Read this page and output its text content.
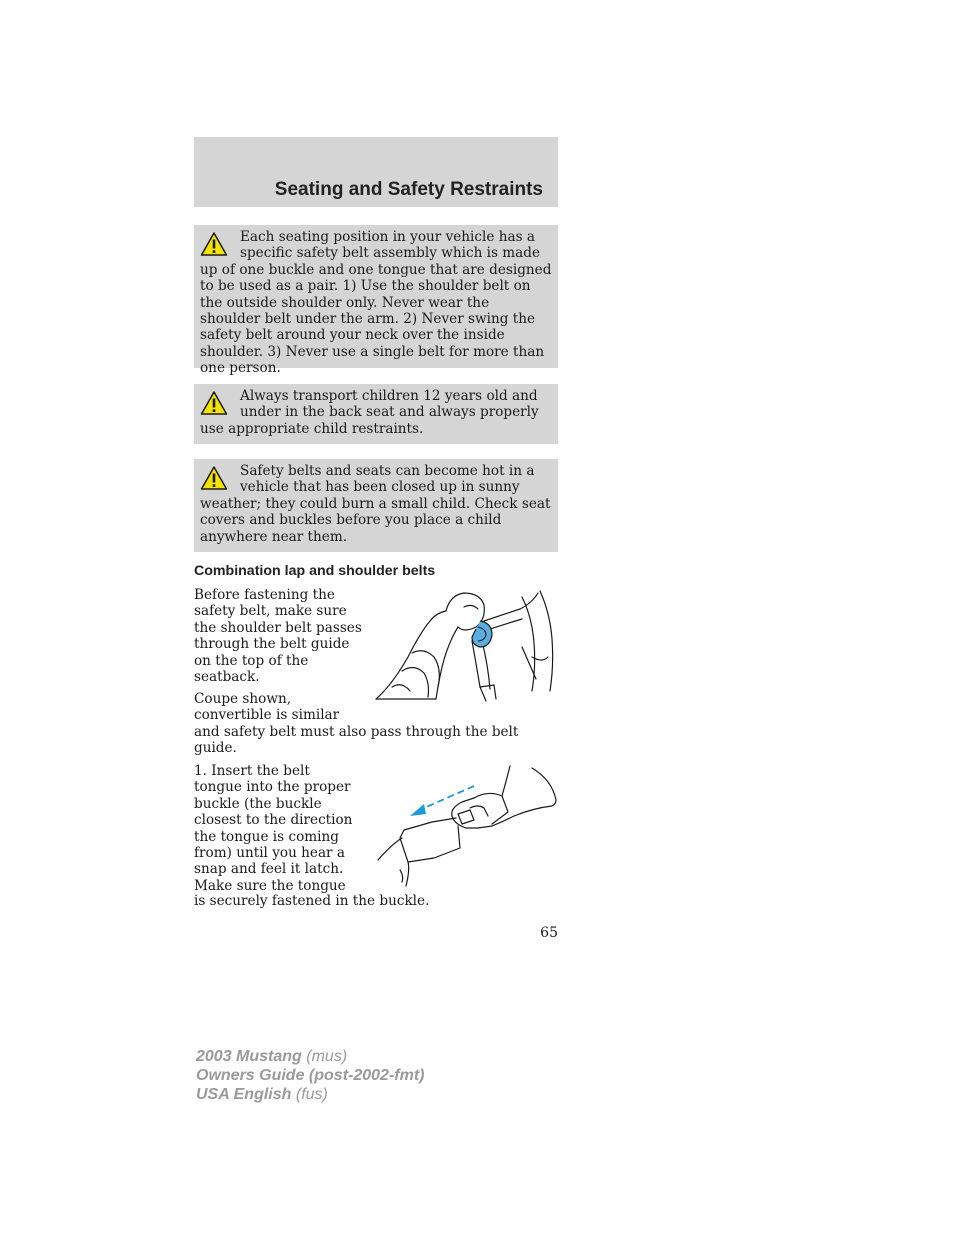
Seating and Safety Restraints
Each seating position in your vehicle has a specific safety belt assembly which is made up of one buckle and one tongue that are designed to be used as a pair. 1) Use the shoulder belt on the outside shoulder only. Never wear the shoulder belt under the arm. 2) Never swing the safety belt around your neck over the inside shoulder. 3) Never use a single belt for more than one person.
Always transport children 12 years old and under in the back seat and always properly use appropriate child restraints.
Safety belts and seats can become hot in a vehicle that has been closed up in sunny weather; they could burn a small child. Check seat covers and buckles before you place a child anywhere near them.
Combination lap and shoulder belts

Before fastening the safety belt, make sure the shoulder belt passes through the belt guide on the top of the seatback.

Coupe shown,
convertible is similar

and safety belt must also pass through the belt
guide.

1. Insert the belt
tongue into the proper
buckle (the buckle
closest to the direction
the tongue is coming
from) until you hear a
snap and feel it latch.
Make sure the tongue

is securely fastened in the buckle.

65
2003 Mustang (mus)
Owners Guide (post-2002-fmt)
USA English (fus)
